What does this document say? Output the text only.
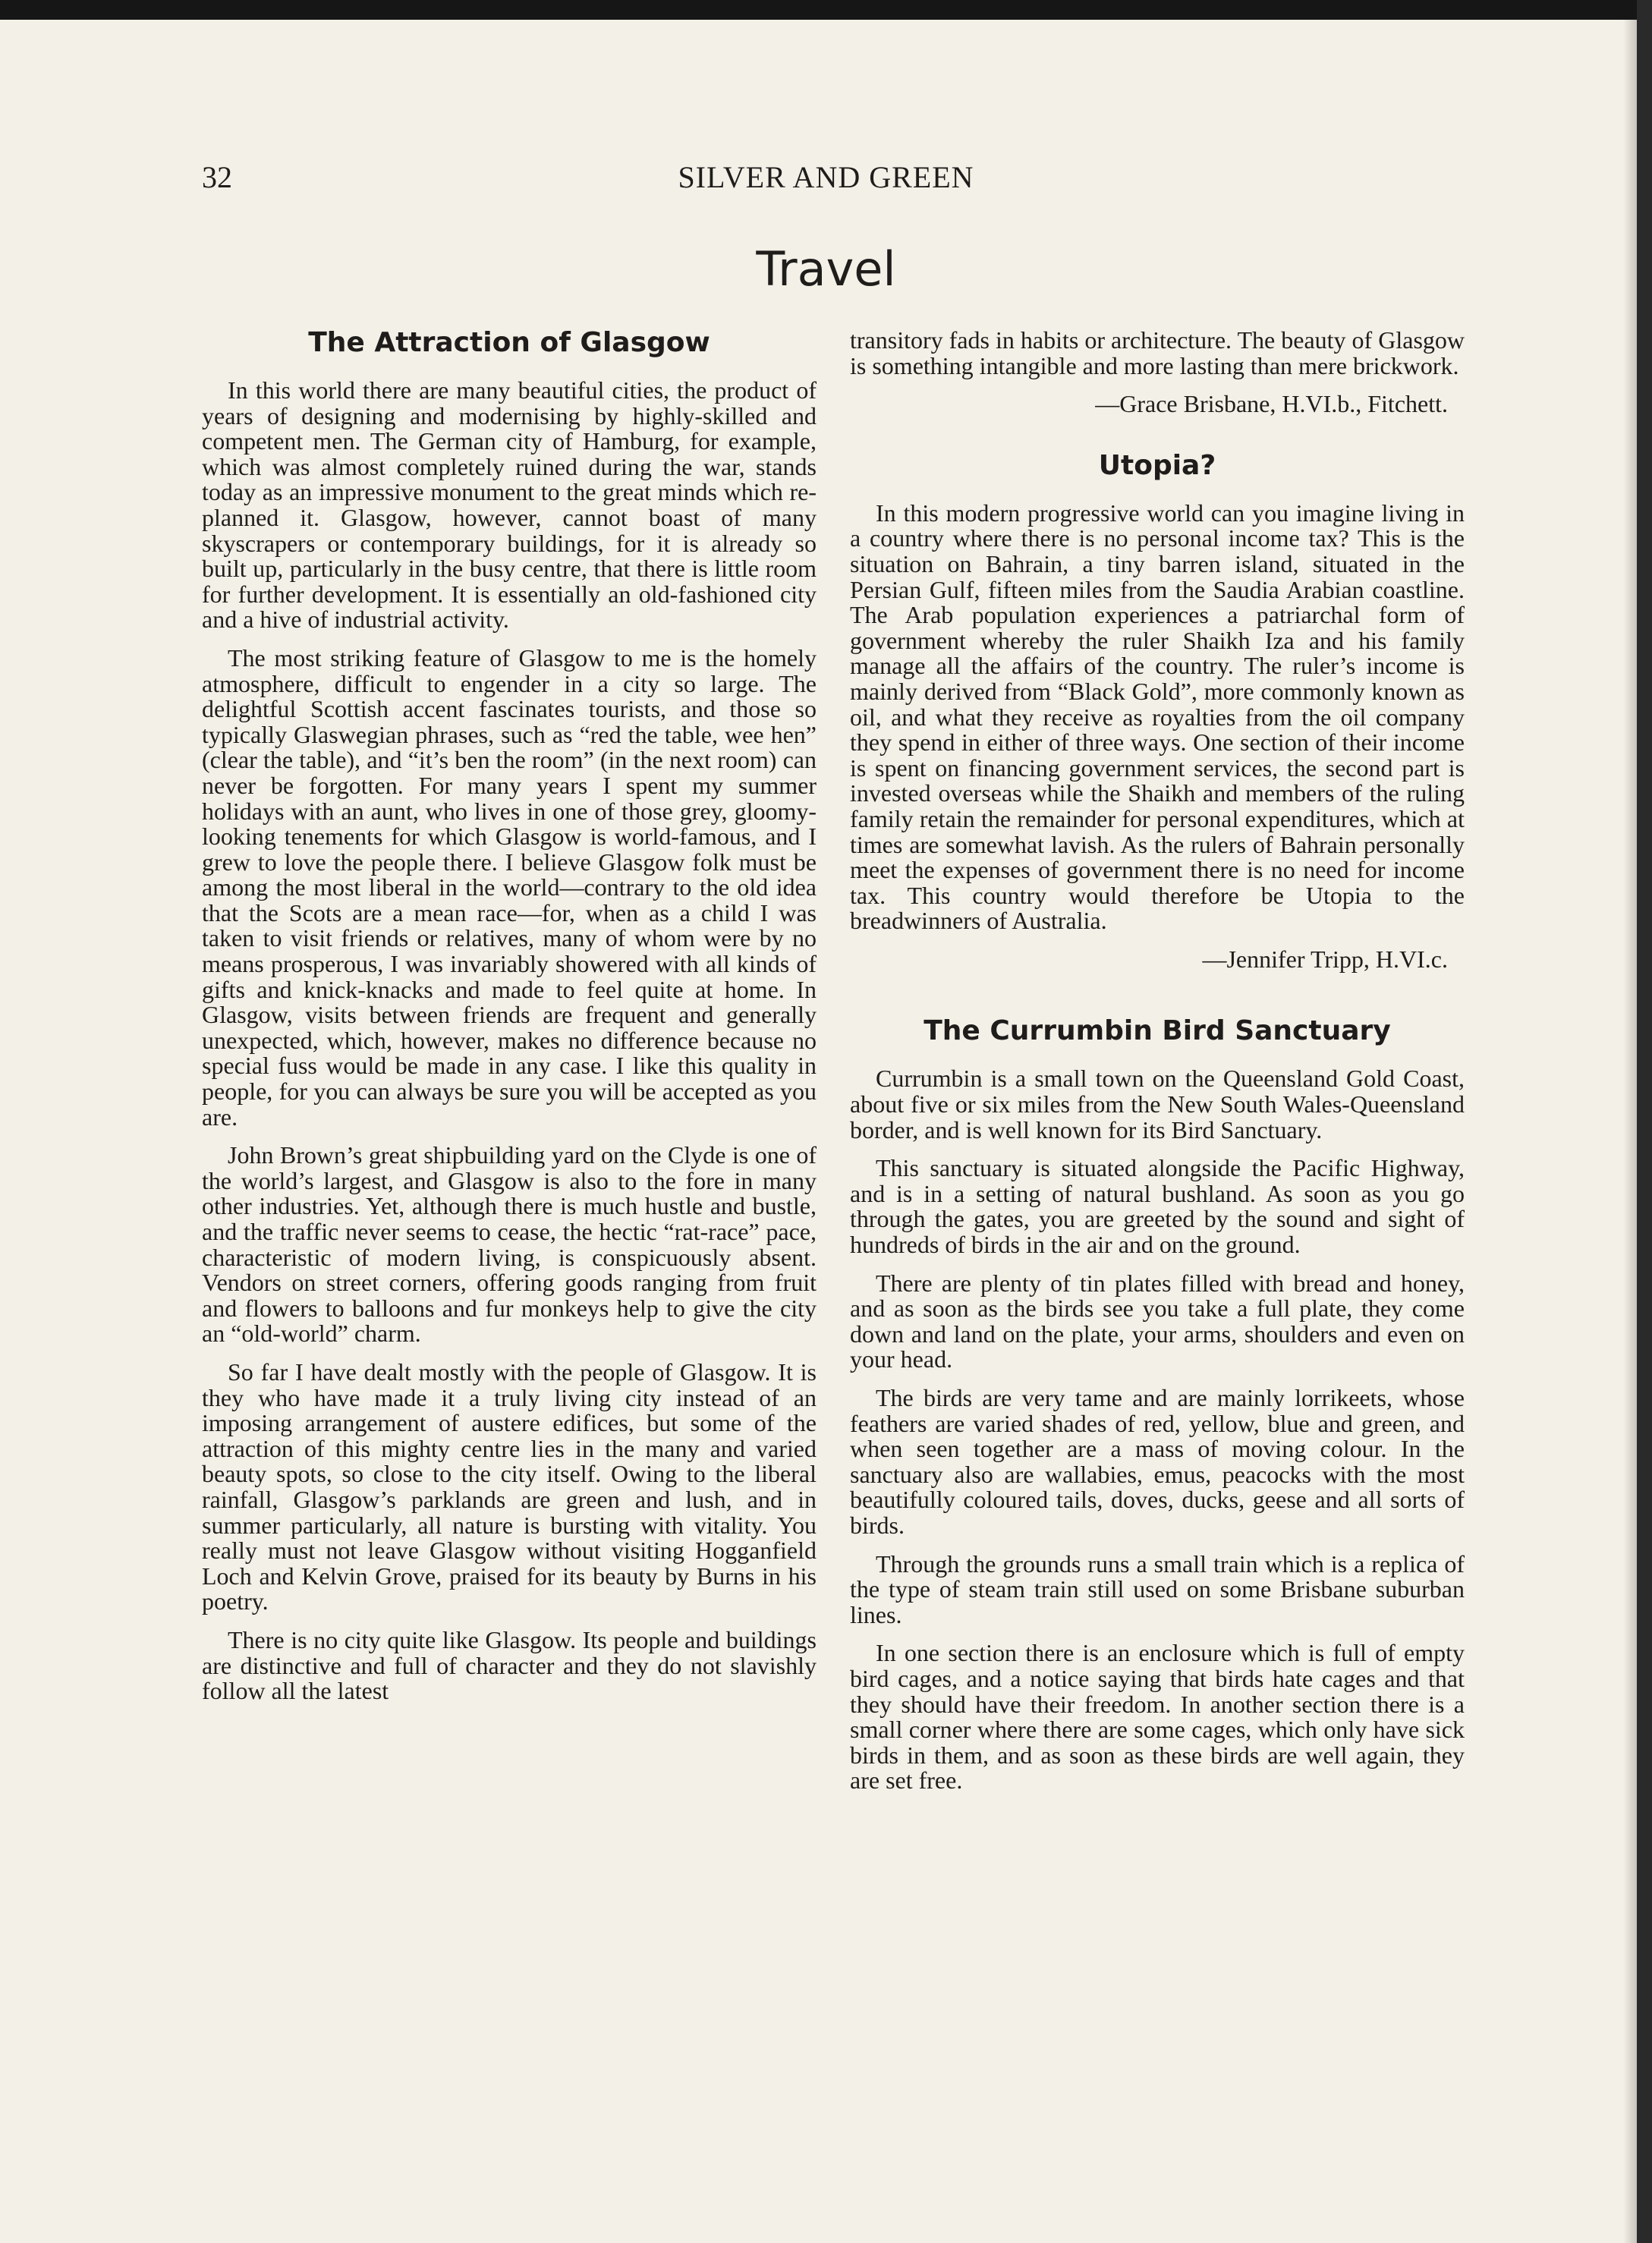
32	SILVER AND GREEN
Travel
The Attraction of Glasgow

In this world there are many beautiful cities, the product of years of designing and modernising by highly-skilled and competent men. The German city of Hamburg, for example, which was almost completely ruined during the war, stands today as an impressive monument to the great minds which re-planned it. Glasgow, however, cannot boast of many skyscrapers or contemporary buildings, for it is already so built up, particularly in the busy centre, that there is little room for further development. It is essentially an old-fashioned city and a hive of industrial activity.

The most striking feature of Glasgow to me is the homely atmosphere, difficult to engender in a city so large. The delightful Scottish accent fascinates tourists, and those so typically Glaswegian phrases, such as “red the table, wee hen” (clear the table), and “it’s ben the room” (in the next room) can never be forgotten. For many years I spent my summer holidays with an aunt, who lives in one of those grey, gloomy-looking tenements for which Glasgow is world-famous, and I grew to love the people there. I believe Glasgow folk must be among the most liberal in the world—contrary to the old idea that the Scots are a mean race—for, when as a child I was taken to visit friends or relatives, many of whom were by no means prosperous, I was invariably showered with all kinds of gifts and knick-knacks and made to feel quite at home. In Glasgow, visits between friends are frequent and generally unexpected, which, however, makes no difference because no special fuss would be made in any case. I like this quality in people, for you can always be sure you will be accepted as you are.

John Brown’s great shipbuilding yard on the Clyde is one of the world’s largest, and Glasgow is also to the fore in many other industries. Yet, although there is much hustle and bustle, and the traffic never seems to cease, the hectic “rat-race” pace, characteristic of modern living, is conspicuously absent. Vendors on street corners, offering goods ranging from fruit and flowers to balloons and fur monkeys help to give the city an “old-world” charm.

So far I have dealt mostly with the people of Glasgow. It is they who have made it a truly living city instead of an imposing arrangement of austere edifices, but some of the attraction of this mighty centre lies in the many and varied beauty spots, so close to the city itself. Owing to the liberal rainfall, Glasgow’s parklands are green and lush, and in summer particularly, all nature is bursting with vitality. You really must not leave Glasgow without visiting Hogganfield Loch and Kelvin Grove, praised for its beauty by Burns in his poetry.

There is no city quite like Glasgow. Its people and buildings are distinctive and full of character and they do not slavishly follow all the latest

transitory fads in habits or architecture. The beauty of Glasgow is something intangible and more lasting than mere brickwork.

—Grace Brisbane, H.VI.b., Fitchett.

Utopia?

In this modern progressive world can you imagine living in a country where there is no personal income tax? This is the situation on Bahrain, a tiny barren island, situated in the Persian Gulf, fifteen miles from the Saudia Arabian coastline. The Arab population experiences a patriarchal form of government whereby the ruler Shaikh Iza and his family manage all the affairs of the country. The ruler’s income is mainly derived from “Black Gold”, more commonly known as oil, and what they receive as royalties from the oil company they spend in either of three ways. One section of their income is spent on financing government services, the second part is invested overseas while the Shaikh and members of the ruling family retain the remainder for personal expenditures, which at times are somewhat lavish. As the rulers of Bahrain personally meet the expenses of government there is no need for income tax. This country would therefore be Utopia to the breadwinners of Australia.

—Jennifer Tripp, H.VI.c.

The Currumbin Bird Sanctuary

Currumbin is a small town on the Queensland Gold Coast, about five or six miles from the New South Wales-Queensland border, and is well known for its Bird Sanctuary.

This sanctuary is situated alongside the Pacific Highway, and is in a setting of natural bushland. As soon as you go through the gates, you are greeted by the sound and sight of hundreds of birds in the air and on the ground.

There are plenty of tin plates filled with bread and honey, and as soon as the birds see you take a full plate, they come down and land on the plate, your arms, shoulders and even on your head.

The birds are very tame and are mainly lorrikeets, whose feathers are varied shades of red, yellow, blue and green, and when seen together are a mass of moving colour. In the sanctuary also are wallabies, emus, peacocks with the most beautifully coloured tails, doves, ducks, geese and all sorts of birds.

Through the grounds runs a small train which is a replica of the type of steam train still used on some Brisbane suburban lines.

In one section there is an enclosure which is full of empty bird cages, and a notice saying that birds hate cages and that they should have their freedom. In another section there is a small corner where there are some cages, which only have sick birds in them, and as soon as these birds are well again, they are set free.
